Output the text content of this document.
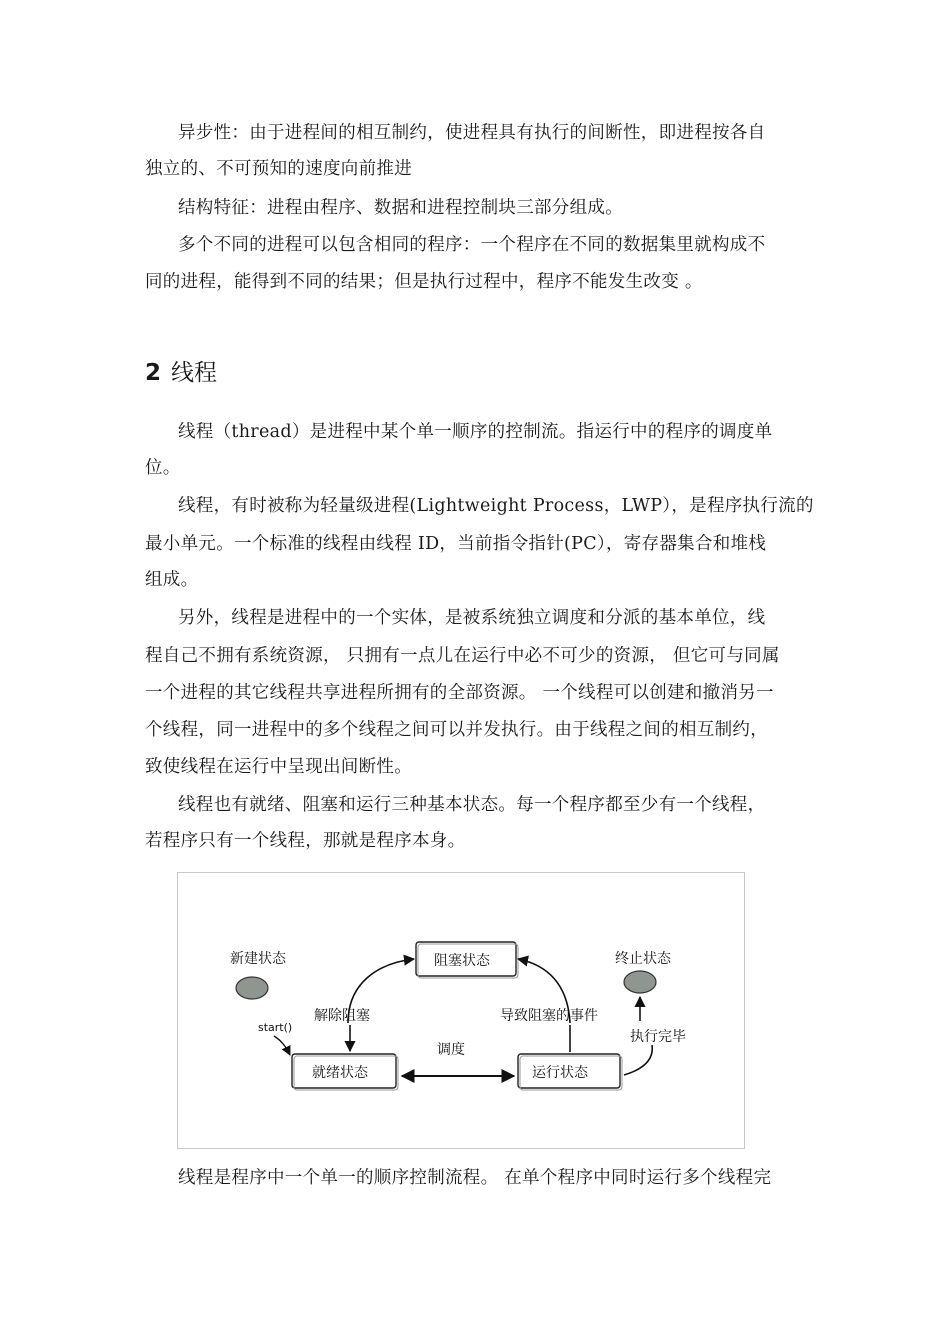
异步性：由于进程间的相互制约，使进程具有执行的间断性，即进程按各自
独立的、不可预知的速度向前推进
结构特征：进程由程序、数据和进程控制块三部分组成。
多个不同的进程可以包含相同的程序：一个程序在不同的数据集里就构成不
同的进程，能得到不同的结果；但是执行过程中，程序不能发生改变 。
2 线程
线程（thread）是进程中某个单一顺序的控制流。指运行中的程序的调度单
位。
线程，有时被称为轻量级进程(Lightweight Process，LWP），是程序执行流的
最小单元。一个标准的线程由线程 ID，当前指令指针(PC），寄存器集合和堆栈
组成。
另外，线程是进程中的一个实体，是被系统独立调度和分派的基本单位，线
程自己不拥有系统资源， 只拥有一点儿在运行中必不可少的资源， 但它可与同属
一个进程的其它线程共享进程所拥有的全部资源。 一个线程可以创建和撤消另一
个线程，同一进程中的多个线程之间可以并发执行。由于线程之间的相互制约，
致使线程在运行中呈现出间断性。
线程也有就绪、阻塞和运行三种基本状态。每一个程序都至少有一个线程，
若程序只有一个线程，那就是程序本身。
新建状态	终止状态
阻塞状态
就绪状态	运行状态
解除阻塞	导致阻塞的事件
start()
调度
执行完毕
线程是程序中一个单一的顺序控制流程。 在单个程序中同时运行多个线程完
